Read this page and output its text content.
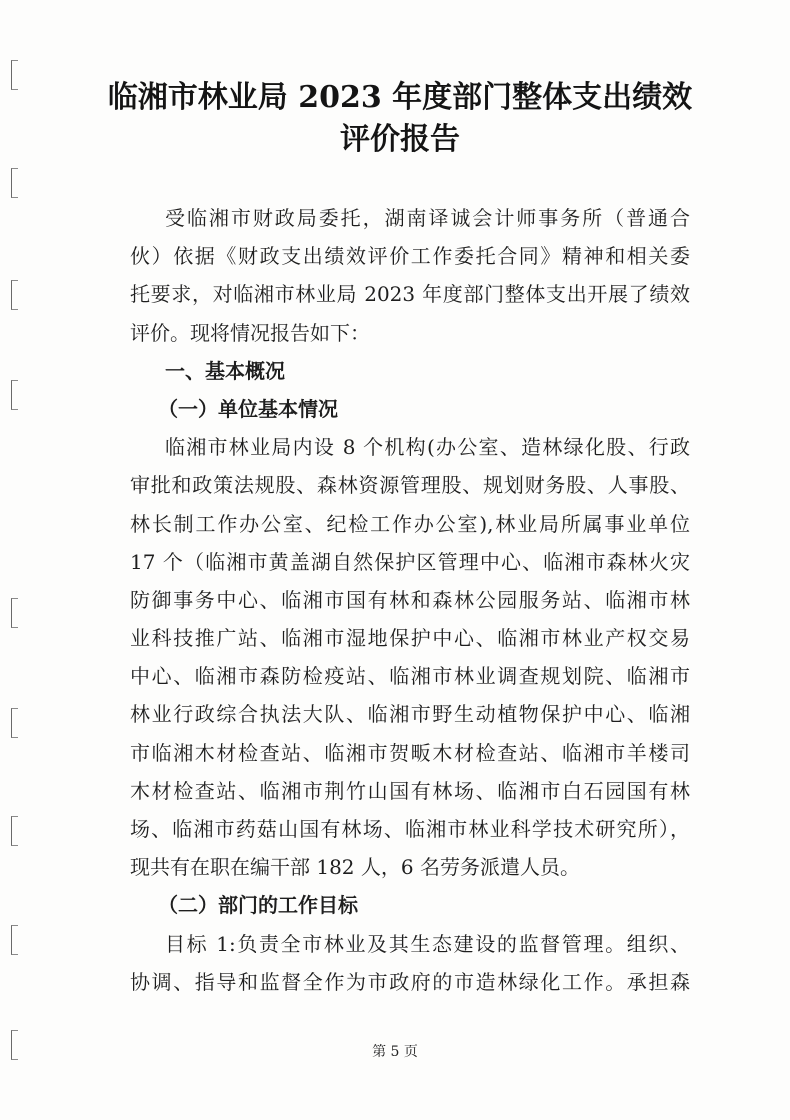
临湘市林业局 2023 年度部门整体支出绩效
评价报告
受临湘市财政局委托，湖南译诚会计师事务所（普通合
伙）依据《财政支出绩效评价工作委托合同》精神和相关委
托要求，对临湘市林业局 2023 年度部门整体支出开展了绩效
评价。现将情况报告如下：
一、基本概况
（一）单位基本情况
临湘市林业局内设 8 个机构(办公室、造林绿化股、行政
审批和政策法规股、森林资源管理股、规划财务股、人事股、
林长制工作办公室、纪检工作办公室),林业局所属事业单位
17 个（临湘市黄盖湖自然保护区管理中心、临湘市森林火灾
防御事务中心、临湘市国有林和森林公园服务站、临湘市林
业科技推广站、临湘市湿地保护中心、临湘市林业产权交易
中心、临湘市森防检疫站、临湘市林业调查规划院、临湘市
林业行政综合执法大队、临湘市野生动植物保护中心、临湘
市临湘木材检查站、临湘市贺畈木材检查站、临湘市羊楼司
木材检查站、临湘市荆竹山国有林场、临湘市白石园国有林
场、临湘市药菇山国有林场、临湘市林业科学技术研究所），
现共有在职在编干部 182 人，6 名劳务派遣人员。
（二）部门的工作目标
目标 1:负责全市林业及其生态建设的监督管理。组织、
协调、指导和监督全作为市政府的市造林绿化工作。承担森
第 5 页
